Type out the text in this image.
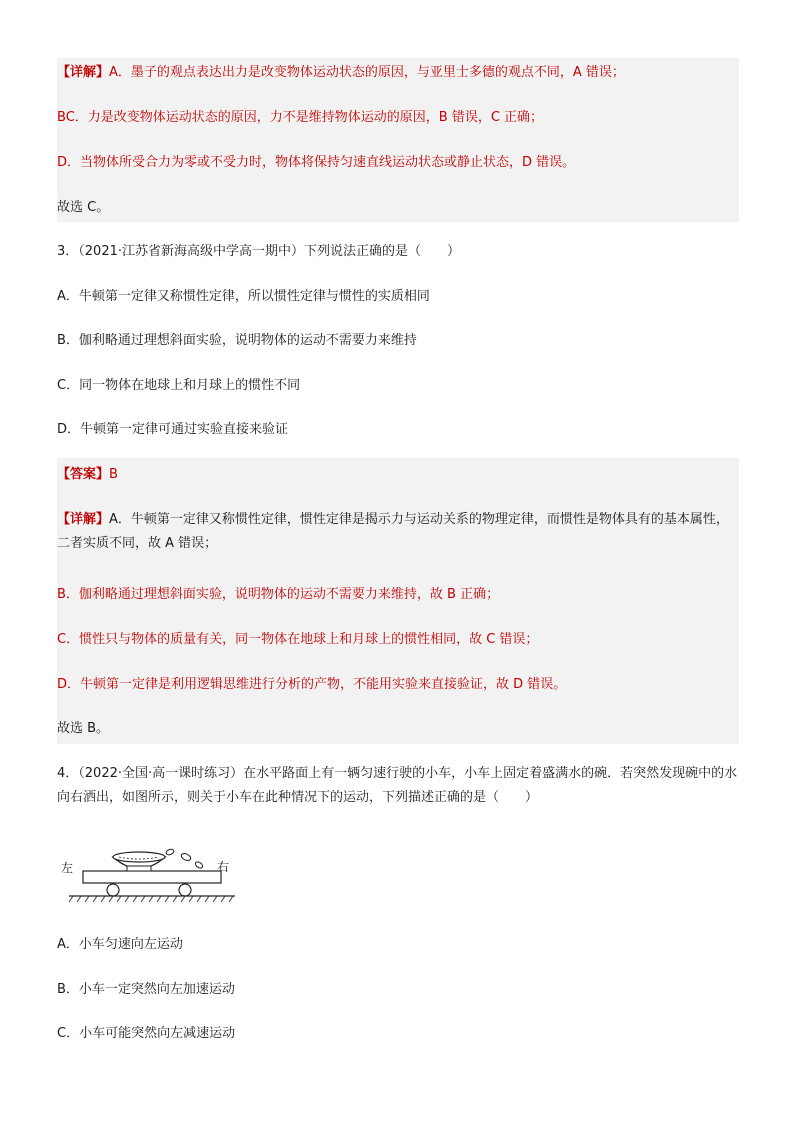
【详解】A．墨子的观点表达出力是改变物体运动状态的原因，与亚里士多德的观点不同，A 错误；
BC．力是改变物体运动状态的原因，力不是维持物体运动的原因，B 错误，C 正确；
D．当物体所受合力为零或不受力时，物体将保持匀速直线运动状态或静止状态，D 错误。
故选 C。
3．（2021·江苏省新海高级中学高一期中）下列说法正确的是（　　）
A．牛顿第一定律又称惯性定律，所以惯性定律与惯性的实质相同
B．伽利略通过理想斜面实验，说明物体的运动不需要力来维持
C．同一物体在地球上和月球上的惯性不同
D．牛顿第一定律可通过实验直接来验证
【答案】B
【详解】A．牛顿第一定律又称惯性定律，惯性定律是揭示力与运动关系的物理定律，而惯性是物体具有的基本属性，二者实质不同，故 A 错误；
B．伽利略通过理想斜面实验，说明物体的运动不需要力来维持，故 B 正确；
C．惯性只与物体的质量有关，同一物体在地球上和月球上的惯性相同，故 C 错误；
D．牛顿第一定律是利用逻辑思维进行分析的产物，不能用实验来直接验证，故 D 错误。
故选 B。
4．（2022·全国·高一课时练习）在水平路面上有一辆匀速行驶的小车，小车上固定着盛满水的碗．若突然发现碗中的水向右洒出，如图所示，则关于小车在此种情况下的运动，下列描述正确的是（　　）
左	右
A．小车匀速向左运动
B．小车一定突然向左加速运动
C．小车可能突然向左减速运动
